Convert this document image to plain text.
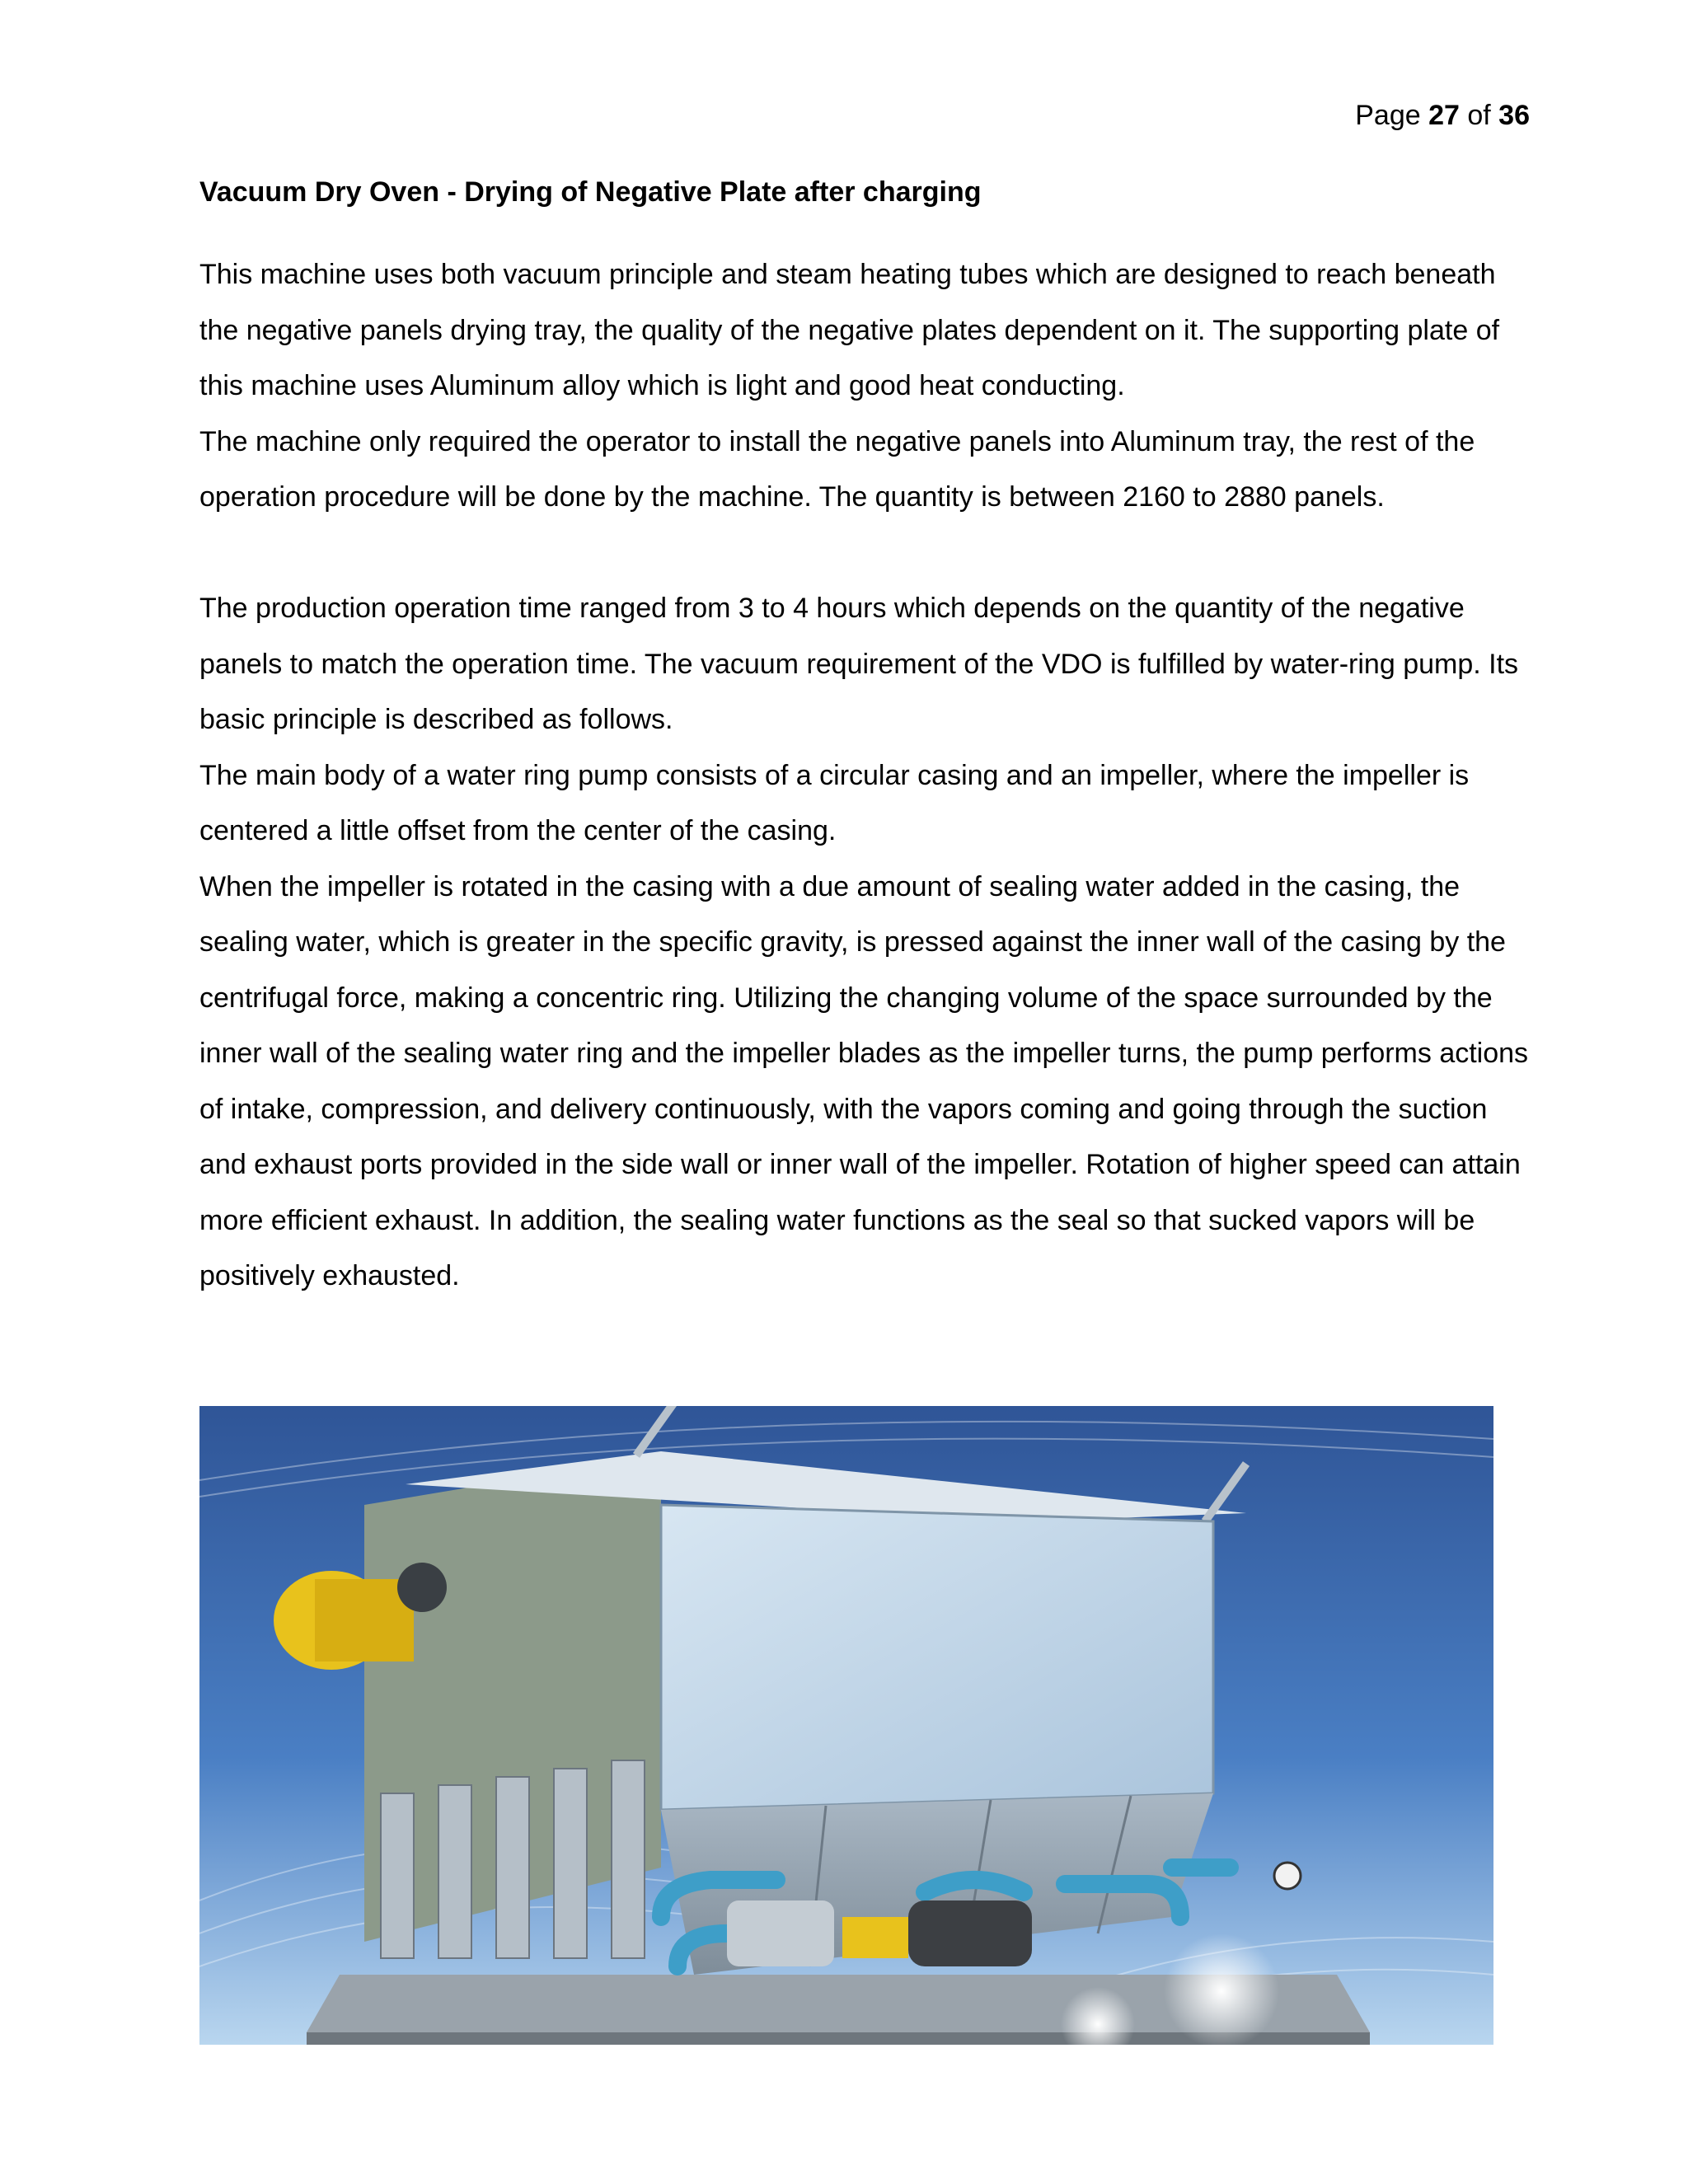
Page 27 of 36
Vacuum Dry Oven - Drying of Negative Plate after charging

This machine uses both vacuum principle and steam heating tubes which are designed to reach beneath the negative panels drying tray, the quality of the negative plates dependent on it. The supporting plate of this machine uses Aluminum alloy which is light and good heat conducting.

The machine only required the operator to install the negative panels into Aluminum tray, the rest of the operation procedure will be done by the machine. The quantity is between 2160 to 2880 panels.

The production operation time ranged from 3 to 4 hours which depends on the quantity of the negative panels to match the operation time. The vacuum requirement of the VDO is fulfilled by water-ring pump. Its basic principle is described as follows.

The main body of a water ring pump consists of a circular casing and an impeller, where the impeller is centered a little offset from the center of the casing.

When the impeller is rotated in the casing with a due amount of sealing water added in the casing, the sealing water, which is greater in the specific gravity, is pressed against the inner wall of the casing by the centrifugal force, making a concentric ring. Utilizing the changing volume of the space surrounded by the inner wall of the sealing water ring and the impeller blades as the impeller turns, the pump performs actions of intake, compression, and delivery continuously, with the vapors coming and going through the suction and exhaust ports provided in the side wall or inner wall of the impeller. Rotation of higher speed can attain more efficient exhaust. In addition, the sealing water functions as the seal so that sucked vapors will be positively exhausted.
